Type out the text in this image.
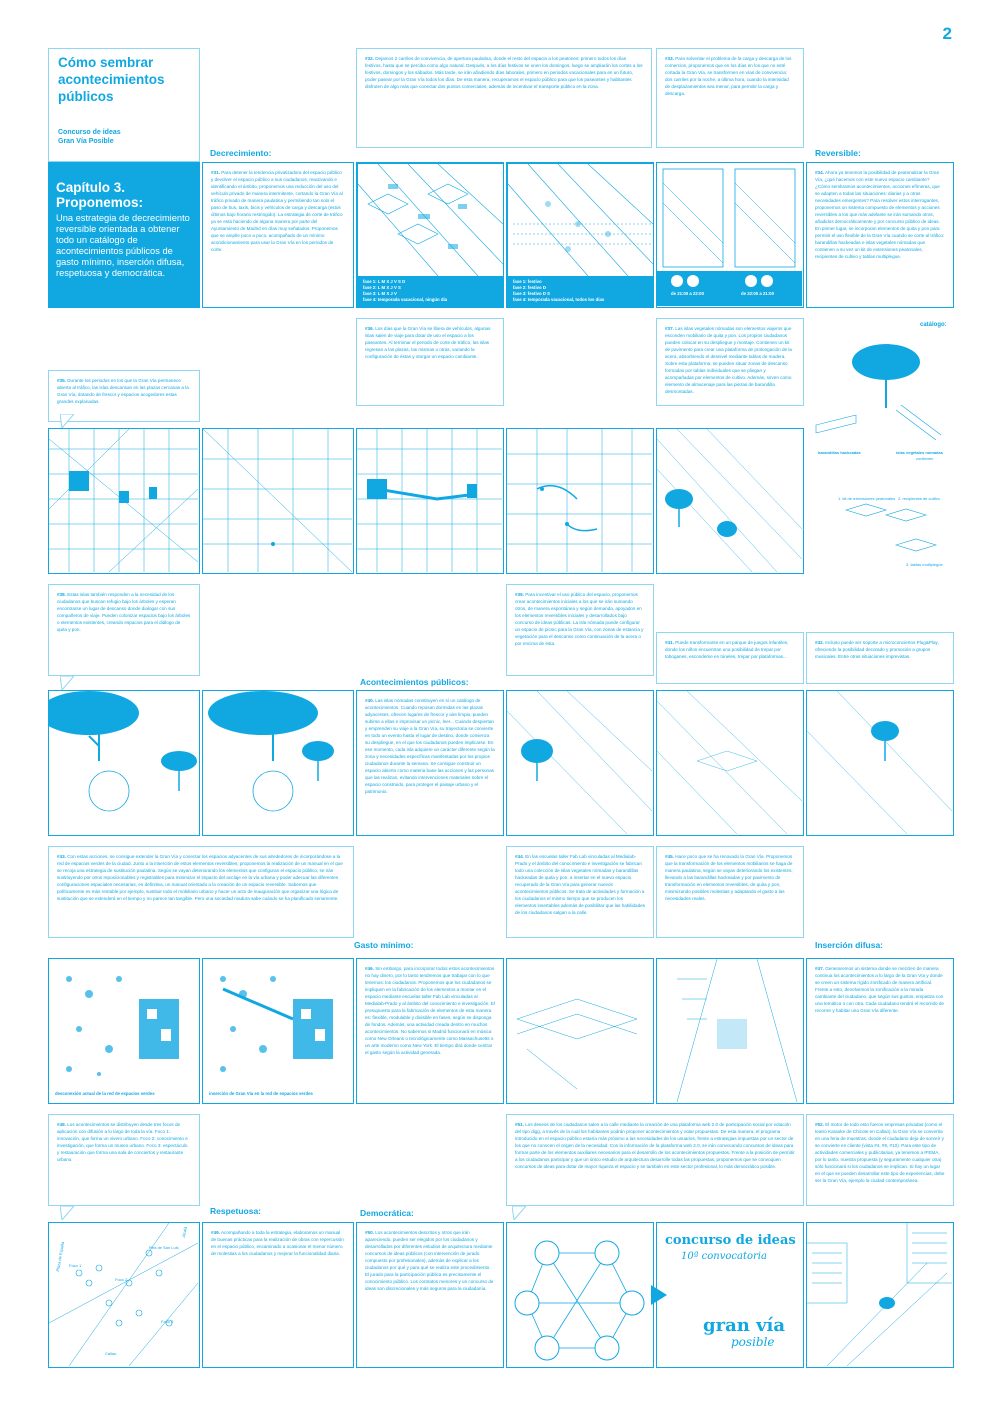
2
Cómo sembrar acontecimientos públicos
Concurso de ideas
Gran Vía Posible
Capítulo 3.
Proponemos:
Una estrategia de decrecimiento reversible orientada a obtener todo un catálogo de acontecimientos públicos de gasto mínimo, inserción difusa, respetuosa y democrática.
#32. Dejamos 2 carriles de convivencia, de apertura paulatina, donde el resto del espacio a los peatones: primero todos los días festivos, hasta que se perciba como algo natural. Después, a los días festivos se unen los domingos, luego se ampliarán los cortes a los festivos, domingos y los sábados. Más tarde, se irán añadiendo días laborales, primero en periodos vacacionales para en un futuro, poder pasear por la Gran Vía todos los días. De esta manera, recuperamos el espacio público para que los paseantes y habitantes disfruten de algo más que conectar dos puntos comerciales, además de incentivar el transporte público en la zona.
#33. Para solventar el problema de la carga y descarga de los comercios, proponemos que en los días en los que no esté cortada la Gran Vía, se transformen en vías de convivencia: dos carriles por la noche, a última hora, cuando la intensidad de desplazamientos sea menor, para permitir la carga y descarga.
Decrecimiento:	Reversible:
#31. Para detener la tendencia privatizadora del espacio público y devolver el espacio público a sus ciudadanos, reactivando e identificando el ámbito, proponemos una reducción del uso del vehículo privado de manera intermitente, cortando la Gran Vía al tráfico privado de manera paulatina y permitiendo tan solo el paso de bus, taxis, bicis y vehículos de carga y descarga (estos últimos bajo horario restringido). La estrategia de corte de tráfico ya se está haciendo de alguna manera por parte del Ayuntamiento de Madrid en días muy señalados. Proponemos que se amplíe poco a poco, acompañado de un mínimo acondicionamiento para usar la Gran Vía en los periodos de corte.
fase 1: L M X J V S D
fase 2: L M X J V S
fase 3: L M X J V
fase 4: temporada vacacional, ningún día
fase 1: festivo
fase 2: festivo D
fase 3: festivo D S
fase 4: temporada vacacional, todos los días
de 21:00 a 22:00	de 22:00 a 21:00
#34. Ahora ya tenemos la posibilidad de peatonalizar la Gran Vía, ¿qué hacemos con este nuevo espacio cambiante? ¿Cómo sembramos acontecimientos, acciones efímeras, que se adapten a todas las situaciones: diarias y a otras necesidades emergentes? Para resolver estos interrogantes, proponemos un sistema compuesto de elementos y acciones reversibles a los que más adelante se irán sumando otros, añadidos democráticamente y por concurso público de ideas. En primer lugar, se incorporan elementos de quita y pon para permitir el uso flexible de la Gran Vía cuando se corte al tráfico: barandillas hackeadas e islas vegetales nómadas que contienen a su vez un kit de extensiones peatonales, recipientes de cultivo y tablas multiplegue.
#36. Los días que la Gran Vía se libera de vehículos, algunas islas salen de viaje para dotar de uso el espacio a los paseantes. Al terminar el periodo de corte de tráfico, las islas regresan a las plazas, las mismas u otras, variando la configuración de éstas y otorgar un espacio cambiante.
#37. Las islas vegetales nómadas son elementos viajeros que esconden mobiliario de quita y pon. Los propios ciudadanos pueden colocar en su despliegue y montaje. Contienen un kit de pavimento para crear una plataforma de prolongación de la acera, absorbiendo el desnivel mediante tablas de madera. Sobre esta plataforma, se pueden situar zonas de descanso formadas por tablas individuales que se pliegan y acompañadas por elementos de cultivo. Además, sirven como elemento de almacenaje para las piezas de barandilla desmontadas.
catálogo:
#35. Durante los periodos en los que la Gran Vía permanece abierta al tráfico, las islas descansan en las plazas cercanas a la Gran Vía, dotando de frescor y espacios acogedores estas grandes explanadas.
barandillas hackeadas	islas vegetales nómadas
contienen
1. kit de extensiones peatonales 2. recipientes de cultivo
3. tablas multiplegue
#38. Estas islas también responden a la necesidad de los ciudadanos que buscan refugio bajo los árboles y esperan encontrarse un lugar de descanso donde dialogar con sus compañeros de viaje. Pueden colonizar espacios bajo los árboles o elementos existentes, creando espacios para el diálogo de quita y pon.
#39. Para incentivar el uso público del espacio, proponemos crear acontecimientos iniciales a los que se irán sumando otros, de manera espontánea y según demanda, apoyados en los elementos reversibles iniciales y desarrollados bajo concurso de ideas públicas. La isla nómada puede configurar un espacio de picnic para la Gran Vía, con zonas de estancia y vegetación para el descanso como continuación de la acera o por encima de ésta.	#41. Puede transformarse en un parque de juegos infantiles, donde los niños encuentran una posibilidad de trepar por toboganes, esconderse en túneles, trepar por plataformas...
#42. Incluso puede ser soporte a microconciertos Plug&Play, ofreciendo la posibilidad decorado y promoción a grupos musicales. Entre otras situaciones imprevistas.
Acontecimientos públicos:
#40. Las islas nómadas constituyen en sí un catálogo de acontecimientos. Cuando reposan dormidas en las plazas adyacentes, ofrecen lugares de frescor y aire limpio, pueden subirse a ellas e improvisar un picnic, leer... Cuando despiertan y emprenden su viaje a la Gran Vía, su trayectoria se convierte en todo un evento hasta el lugar de destino, donde comienza su despliegue, en el que los ciudadanos pueden implicarse. En ese momento, cada isla adquiere un carácter diferente según la zona y necesidades específicas manifestadas por los propios ciudadanos durante la semana. Se consigue construir un espacio abierto como materia base las acciones y las personas que las realizan, evitando intervenciones materiales sobre el espacio construido, para proteger el paisaje urbano y el patrimonio.
#43. Con estas acciones, se consigue extender la Gran Vía y conectar los espacios adyacentes de sus alrededores de incorporándose a la red de espacios verdes de la ciudad. Junto a la inserción de estos elementos reversibles, proponemos la realización de un manual en el que se recoja una estrategia de sustitución paulatina. Según se vayan deteriorando los elementos que configuran el espacio público, se irán sustituyendo por otros reposicionables y registrables para minimizar el impacto del anclaje en la vía urbana y poder adecuar las diferentes configuraciones espaciales necesarias, en definitiva, un manual orientado a la creación de un espacio reversible. Sabemos que políticamente es más rentable por ejemplo, sustituir todo el mobiliario urbano y hacer un acto de inauguración que organizar una lógica de sustitución que se extenderá en el tiempo y no parece tan tangible. Pero una sociedad madura sabe cuándo se ha planificado seriamente.
#44. En las escuelas taller Fab Lab vinculadas al Medialab-Prado y el ámbito del conocimiento e investigación se fabrican todo una colección de islas vegetales nómadas y barandillas hackeadas de quita y pon, a insertar en el nuevo espacio recuperado de la Gran Vía para generar nuevos acontecimientos públicos. Se trata de actividades y formación a los ciudadanos el mismo tiempo que se producen los elementos insertables además de posibilitar que las habilidades de los ciudadanos salgan a la calle.
#45. Hace poco que se ha renovado la Gran Vía. Proponemos que la transformación de los elementos mobiliarios se haga de manera paulatina, según se vayan deteriorando los existentes, llevando a las barandillas hackeadas y por pavimento de transformación en elementos reversibles, de quita y pon, minimizando posibles molestias y adaptando el gasto a las necesidades reales.
Gasto mínimo:	Inserción difusa:
desconexión actual de la red de espacios verdes	inserción de Gran Vía en la red de espacios verdes
#46. Sin embargo, para incorporar todos estos acontecimientos no hay dinero, por lo tanto tendremos que trabajar con lo que tenemos: los ciudadanos. Proponemos que los ciudadanos se impliquen en la fabricación de los elementos a montar en el espacio mediante escuelas taller Fab Lab vinculadas al Medialab-Prado y al ámbito del conocimiento e investigación. El presupuesto para la fabricación de elementos de esta manera es: flexible, modulable y divisible en fases, según se disponga de fondos. Además, una actividad creada dentro en muchos acontecimientos. No sabemos si Madrid funcionará en música como New Orleans o tecnológicamente como Massachusetts o un arte moderno como New York. El tiempo dirá donde centrar el gasto según la actividad generada.
#47. Generaremos un sistema donde se mezclen de manera continua los acontecimientos a lo largo de la Gran Vía y donde se creen un sistema rígido zonificado de manera artificial. Frente a esto, devolvemos la zonificación a la mirada cambiante del ciudadano, que según sus gustos, empatiza con una temática o con otra. Cada ciudadano tendrá el recorrido de recorrer y habitar una Gran Vía diferente.
#48. Los acontecimientos se distribuyen desde tres focos de aplicación con difusión a lo largo de toda la vía. Foco 1: innovación, que forma un vivero urbano. Foco 2: conocimiento e investigación, que forma un museo urbano. Foco 3: espectáculo y restauración que forma una sala de conciertos y restaurante urbano.
#51. Los deseos de los ciudadanos salen a la calle mediante la creación de una plataforma web 2.0 de participación social por votación del tipo digg, a través de la cual los habitantes podrán proponer acontecimientos y votar propuestas. De esta manera, el programa introducido en el espacio público estaría más próximo a las necesidades de los usuarios, frente a estrategias impuestas por un sector de los que no conocen el origen de la necesidad. Con la información de la plataforma web 2.0, se irán convocando concursos de ideas para formar parte de los elementos auxiliares necesarios para el desarrollo de los acontecimientos propuestos. Frente a la posición de permitir a los ciudadanos participar y que un único estudio de arquitectura desarrolle todas las propuestas, proponemos que se convoquen concursos de ideas para dotar de mayor riqueza el espacio y se también en este sector profesional, lo más democrático posible.
#52. El motor de todo esto fueron empresas privadas (como el teatro Karaoke de Chicote en Callao), la Gran Vía se convertía en una feria de muestras, donde el ciudadano deja de sonreír y se convierte en cliente (vista #4, #5, #10). Para este tipo de actividades comerciales y publicitarias, ya tenemos a IFEMA, por lo tanto, nuestra propuesta (y seguramente cualquier otra) sólo funcionará si los ciudadanos se implican. Si hay un lugar en el que se pueden desarrollar este tipo de experiencias, debe ser la Gran Vía, ejemplo la ciudad contemporánea.
Respetuosa:	Democrática:
Plaza de España
Callao
Alcalá
Foco 1
Foco 2
Foco 3
Red de San Luis
#49. Acompañando a toda la estrategia, elaboramos un manual de buenas prácticas para la realización de obras con repercusión en el espacio público, encaminado a ocasionar el menor número de molestias a los ciudadanos y mejorar la funcionalidad diaria.
#50. Los acontecimientos descritos y otros que irán apareciendo, pueden ser elegidos por los ciudadanos y desarrollados por diferentes estudios de arquitectura mediante concursos de ideas públicos (con intervención de jurado compuesto por profesionales), además de explicar a los ciudadanos por qué y para qué se realiza este procedimiento. El jurado para la participación pública es precisamente el conocimiento público. Los contratos menores y un concurso de ideas son discrecionales y más seguros para la ciudadanía.
concurso de ideas
10ª convocatoria
gran vía
posible
